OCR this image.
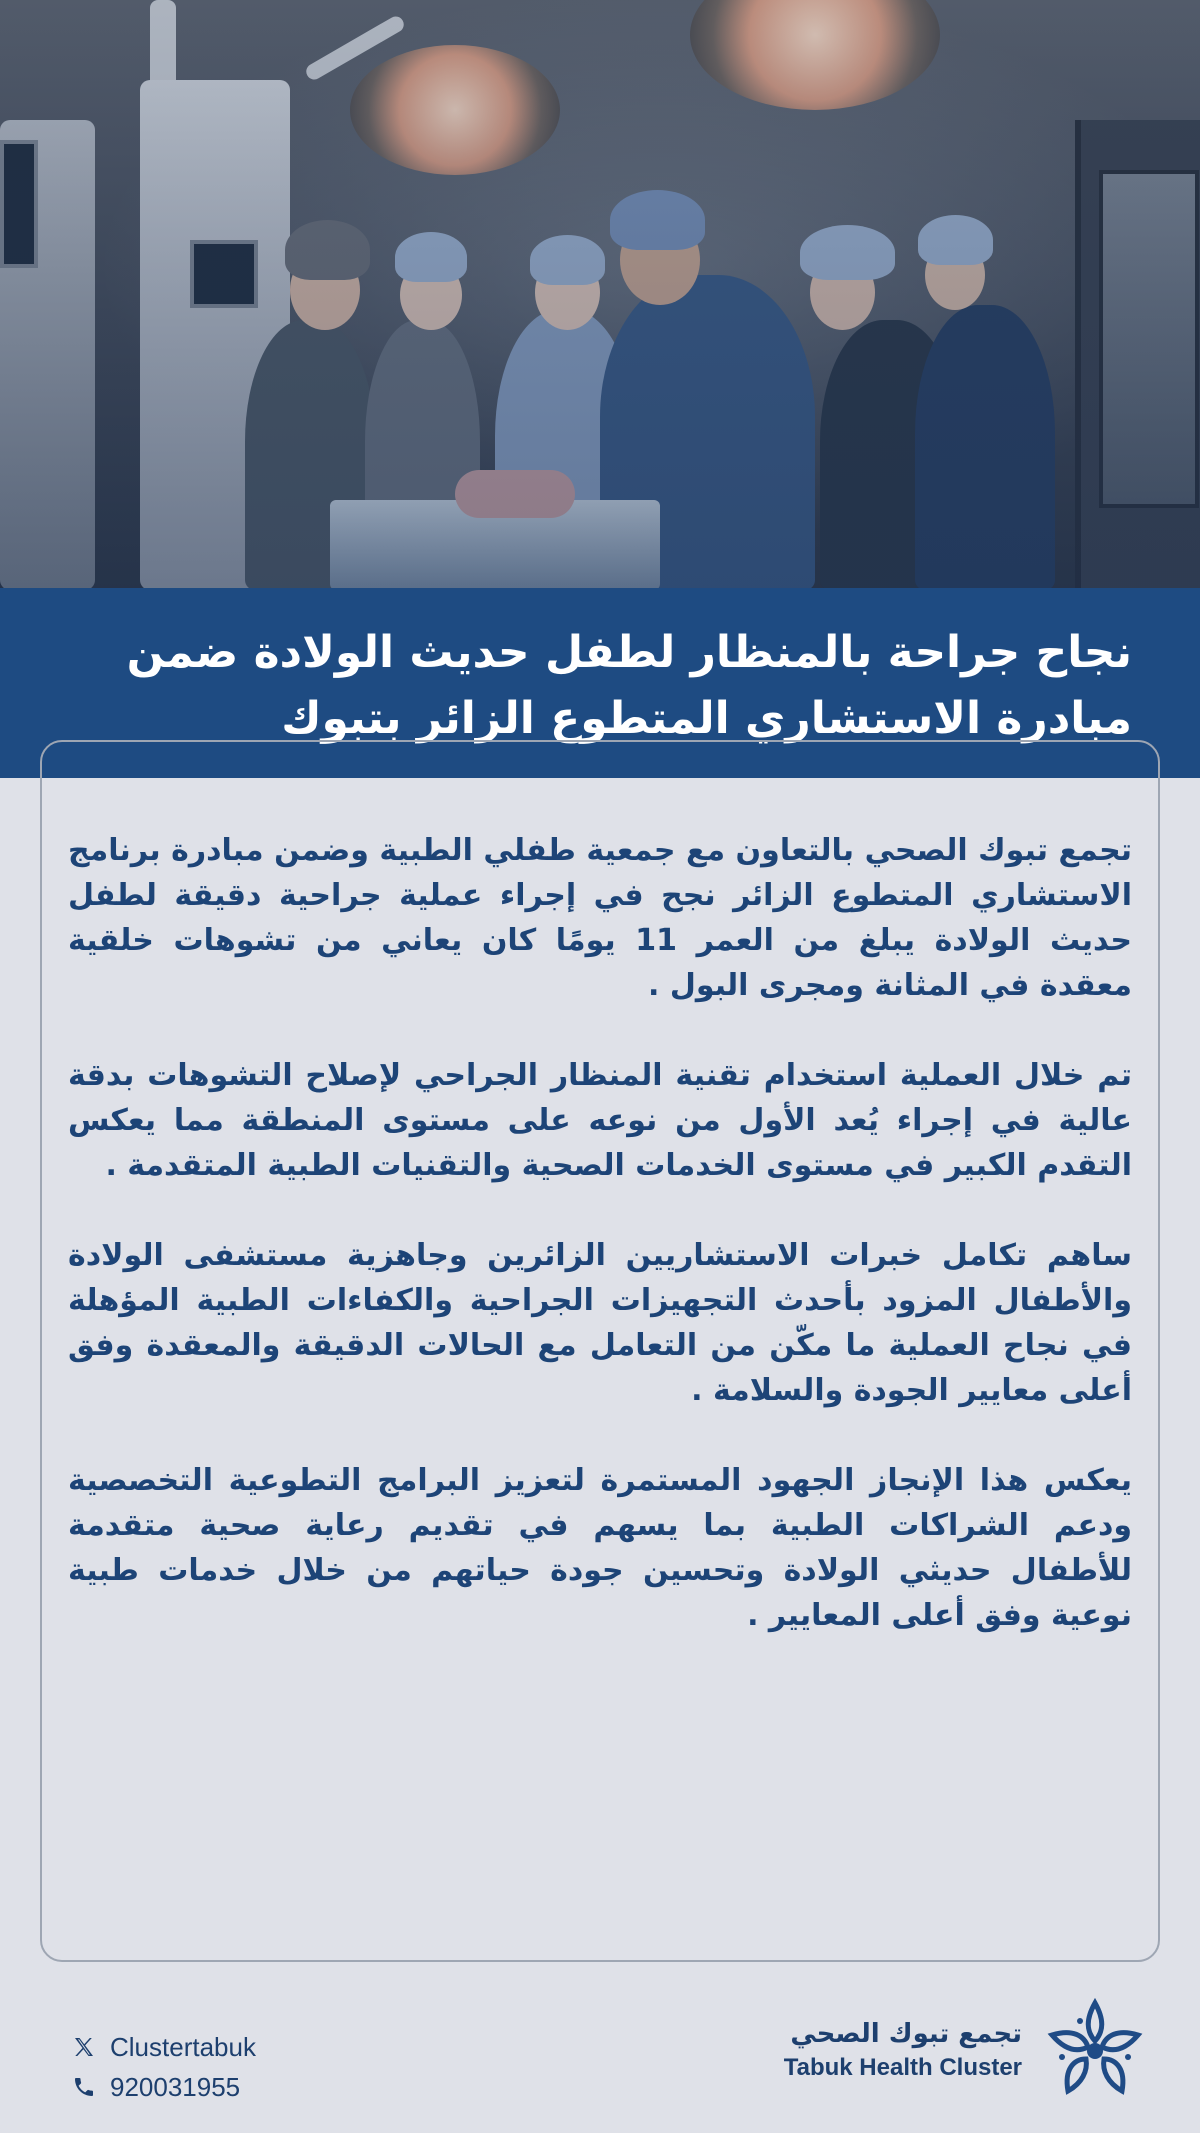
نجاح جراحة بالمنظار لطفل حديث الولادة ضمن مبادرة الاستشاري المتطوع الزائر بتبوك

تجمع تبوك الصحي بالتعاون مع جمعية طفلي الطبية وضمن مبادرة برنامج الاستشاري المتطوع الزائر نجح في إجراء عملية جراحية دقيقة لطفل حديث الولادة يبلغ من العمر 11 يومًا كان يعاني من تشوهات خلقية معقدة في المثانة ومجرى البول .

تم خلال العملية استخدام تقنية المنظار الجراحي لإصلاح التشوهات بدقة عالية في إجراء يُعد الأول من نوعه على مستوى المنطقة مما يعكس التقدم الكبير في مستوى الخدمات الصحية والتقنيات الطبية المتقدمة .

ساهم تكامل خبرات الاستشاريين الزائرين وجاهزية مستشفى الولادة والأطفال المزود بأحدث التجهيزات الجراحية والكفاءات الطبية المؤهلة في نجاح العملية ما مكّن من التعامل مع الحالات الدقيقة والمعقدة وفق أعلى معايير الجودة والسلامة .

يعكس هذا الإنجاز الجهود المستمرة لتعزيز البرامج التطوعية التخصصية ودعم الشراكات الطبية بما يسهم في تقديم رعاية صحية متقدمة للأطفال حديثي الولادة وتحسين جودة حياتهم من خلال خدمات طبية نوعية وفق أعلى المعايير .

Clustertabuk
920031955
تجمع تبوك الصحي
Tabuk Health Cluster
